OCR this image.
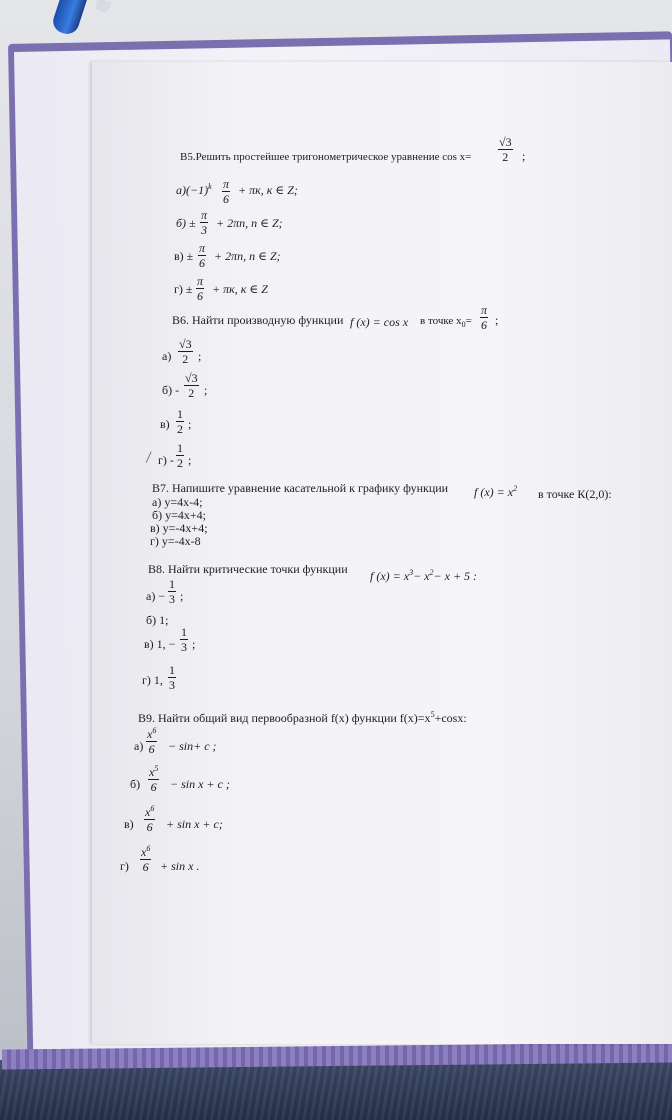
В5.Решить простейшее тригонометрическое уравнение $\cos x= \frac{√3}{2}$ ;
$а)(-1)^k \frac{\pi}{6} + \pi к$, к ∈ Z;
$б) \pm \frac{\pi}{3} + 2\pi n$, n ∈ Z;
$в) \pm \frac{\pi}{6} + 2\pi n$, n ∈ Z;
$г) \pm \frac{\pi}{6} + \pi к$, к ∈ Z
В6. Найти производную функции f (x) = cos x в точке $x_0= \frac{\pi}{6}$ ;
$а) \frac{√3}{2}$ ;
$б) - \frac{√3}{2}$ ;
$в) \frac{1}{2}$ ;
$г) - \frac{1}{2}$ ;
В7. Напишите уравнение касательной к графику функции f $(x) = x^2$ в точке К(2,0):
а) у=4х-4;
б) у=4х+4;
в) у=-4х+4;
г) у=-4х-8
В8. Найти критические точки функции f $(x) = x^3- x^2- x + 5$ :
$а) - \frac{1}{3}$ ;
б) 1;
в) 1, − $\frac{1}{3}$ ;
г) 1, $\frac{1}{3}$
В9. Найти общий вид первообразной f(x) функции $f(x)=x^5+\cos x$:
$а) \frac{x^6}{6} - \sin+ c$ ;
$б) \frac{x^5}{6} - \sin x + c$ ;
$в) \frac{x^6}{6} + \sin x + c$;
$г) \frac{x^6}{6} + \sin x$ .
